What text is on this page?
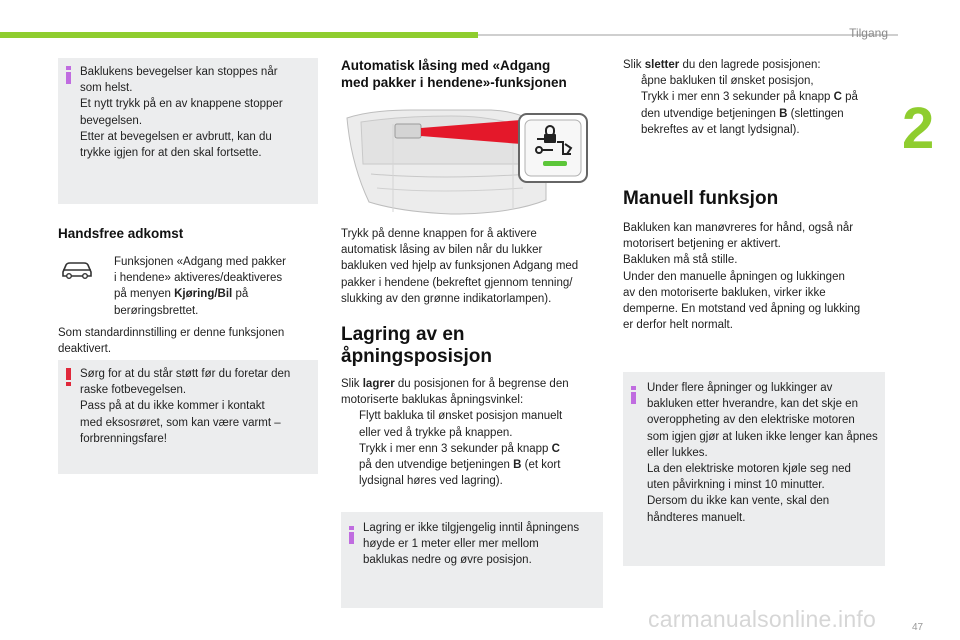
Tilgang
2
Baklukens bevegelser kan stoppes når
som helst.
Et nytt trykk på en av knappene stopper
bevegelsen.
Etter at bevegelsen er avbrutt, kan du
trykke igjen for at den skal fortsette.
Handsfree adkomst
Funksjonen «Adgang med pakker
i hendene» aktiveres/deaktiveres
på menyen Kjøring/Bil på
berøringsbrettet.
Som standardinnstilling er denne funksjonen
deaktivert.
Sørg for at du står støtt før du foretar den
raske fotbevegelsen.
Pass på at du ikke kommer i kontakt
med eksosrøret, som kan være varmt –
forbrenningsfare!
Automatisk låsing med «Adgang
med pakker i hendene»-funksjonen
Trykk på denne knappen for å aktivere
automatisk låsing av bilen når du lukker
bakluken ved hjelp av funksjonen Adgang med
pakker i hendene (bekreftet gjennom tenning/
slukking av den grønne indikatorlampen).
Lagring av en
åpningsposisjon
Slik lagrer du posisjonen for å begrense den
motoriserte baklukas åpningsvinkel:
Flytt bakluka til ønsket posisjon manuelt
eller ved å trykke på knappen.
Trykk i mer enn 3 sekunder på knapp C
på den utvendige betjeningen B (et kort
lydsignal høres ved lagring).
Lagring er ikke tilgjengelig inntil åpningens
høyde er 1 meter eller mer mellom
baklukas nedre og øvre posisjon.
Slik sletter du den lagrede posisjonen:
åpne bakluken til ønsket posisjon,
Trykk i mer enn 3 sekunder på knapp C på
den utvendige betjeningen B (slettingen
bekreftes av et langt lydsignal).
Manuell funksjon
Bakluken kan manøvreres for hånd, også når
motorisert betjening er aktivert.
Bakluken må stå stille.
Under den manuelle åpningen og lukkingen
av den motoriserte bakluken, virker ikke
demperne. En motstand ved åpning og lukking
er derfor helt normalt.
Under flere åpninger og lukkinger av
bakluken etter hverandre, kan det skje en
overoppheting av den elektriske motoren
som igjen gjør at luken ikke lenger kan åpnes
eller lukkes.
La den elektriske motoren kjøle seg ned
uten påvirkning i minst 10 minutter.
Dersom du ikke kan vente, skal den
håndteres manuelt.
carmanualsonline.info	47
